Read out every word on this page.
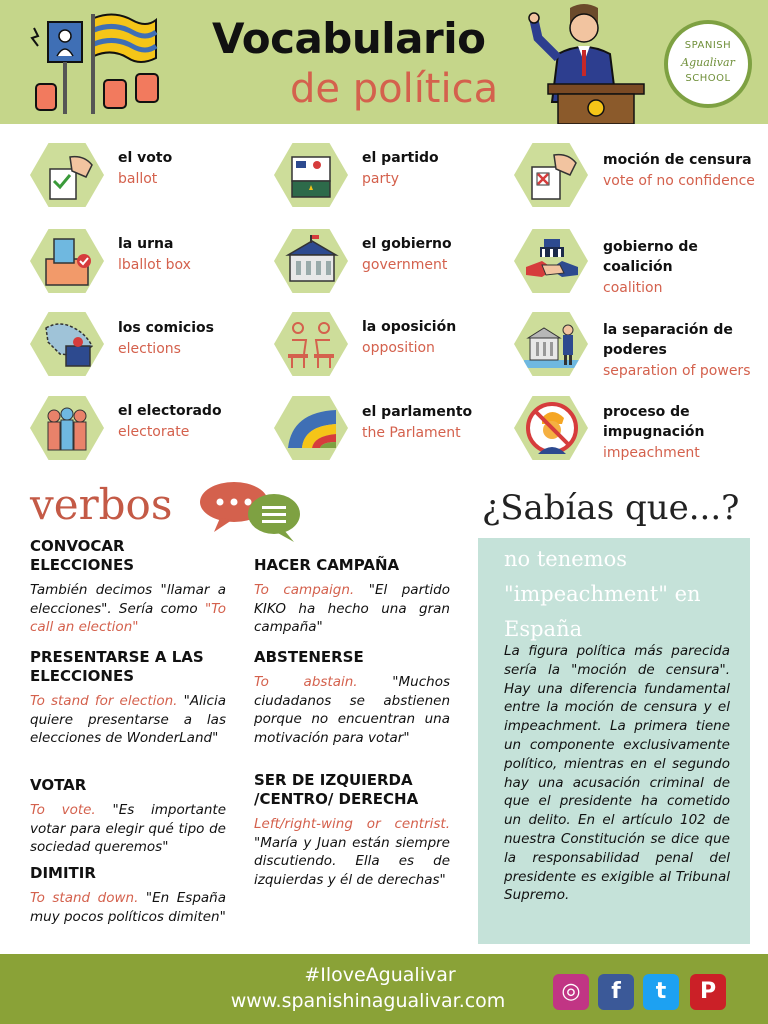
Vocabulario
de política
SPANISH
Agualivar
SCHOOL
el voto
ballot
la urna
lballot box
los comicios
elections
el electorado
electorate
el partido
party
el gobierno
government
la oposición
opposition
el parlamento
the Parlament
moción de censura
vote of no confidence
gobierno de coalición
coalition
la separación de poderes
separation of powers
proceso de impugnación
impeachment
verbos
CONVOCAR ELECCIONES
También decimos "llamar a elecciones". Sería como "To call an election"
PRESENTARSE A LAS ELECCIONES
To stand for election. "Alicia quiere presentarse a las elecciones de WonderLand"
VOTAR
To vote. "Es importante votar para elegir qué tipo de sociedad queremos"
DIMITIR
To stand down. "En España muy pocos políticos dimiten"
HACER CAMPAÑA
To campaign. "El partido KIKO ha hecho una gran campaña"
ABSTENERSE
To abstain. "Muchos ciudadanos se abstienen porque no encuentran una motivación para votar"
SER DE IZQUIERDA /CENTRO/ DERECHA
Left/right-wing or centrist. "María y Juan están siempre discutiendo. Ella es de izquierdas y él de derechas"
¿Sabías que...?
no tenemos "impeachment" en España
La figura política más parecida sería la "moción de censura". Hay una diferencia fundamental entre la moción de censura y el impeachment. La primera tiene un componente exclusivamente político, mientras en el segundo hay una acusación criminal de que el presidente ha cometido un delito. En el artículo 102 de nuestra Constitución se dice que la responsabilidad penal del presidente es exigible al Tribunal Supremo.
#IloveAgualivar
www.spanishinagualivar.com	◎	f	t	P
